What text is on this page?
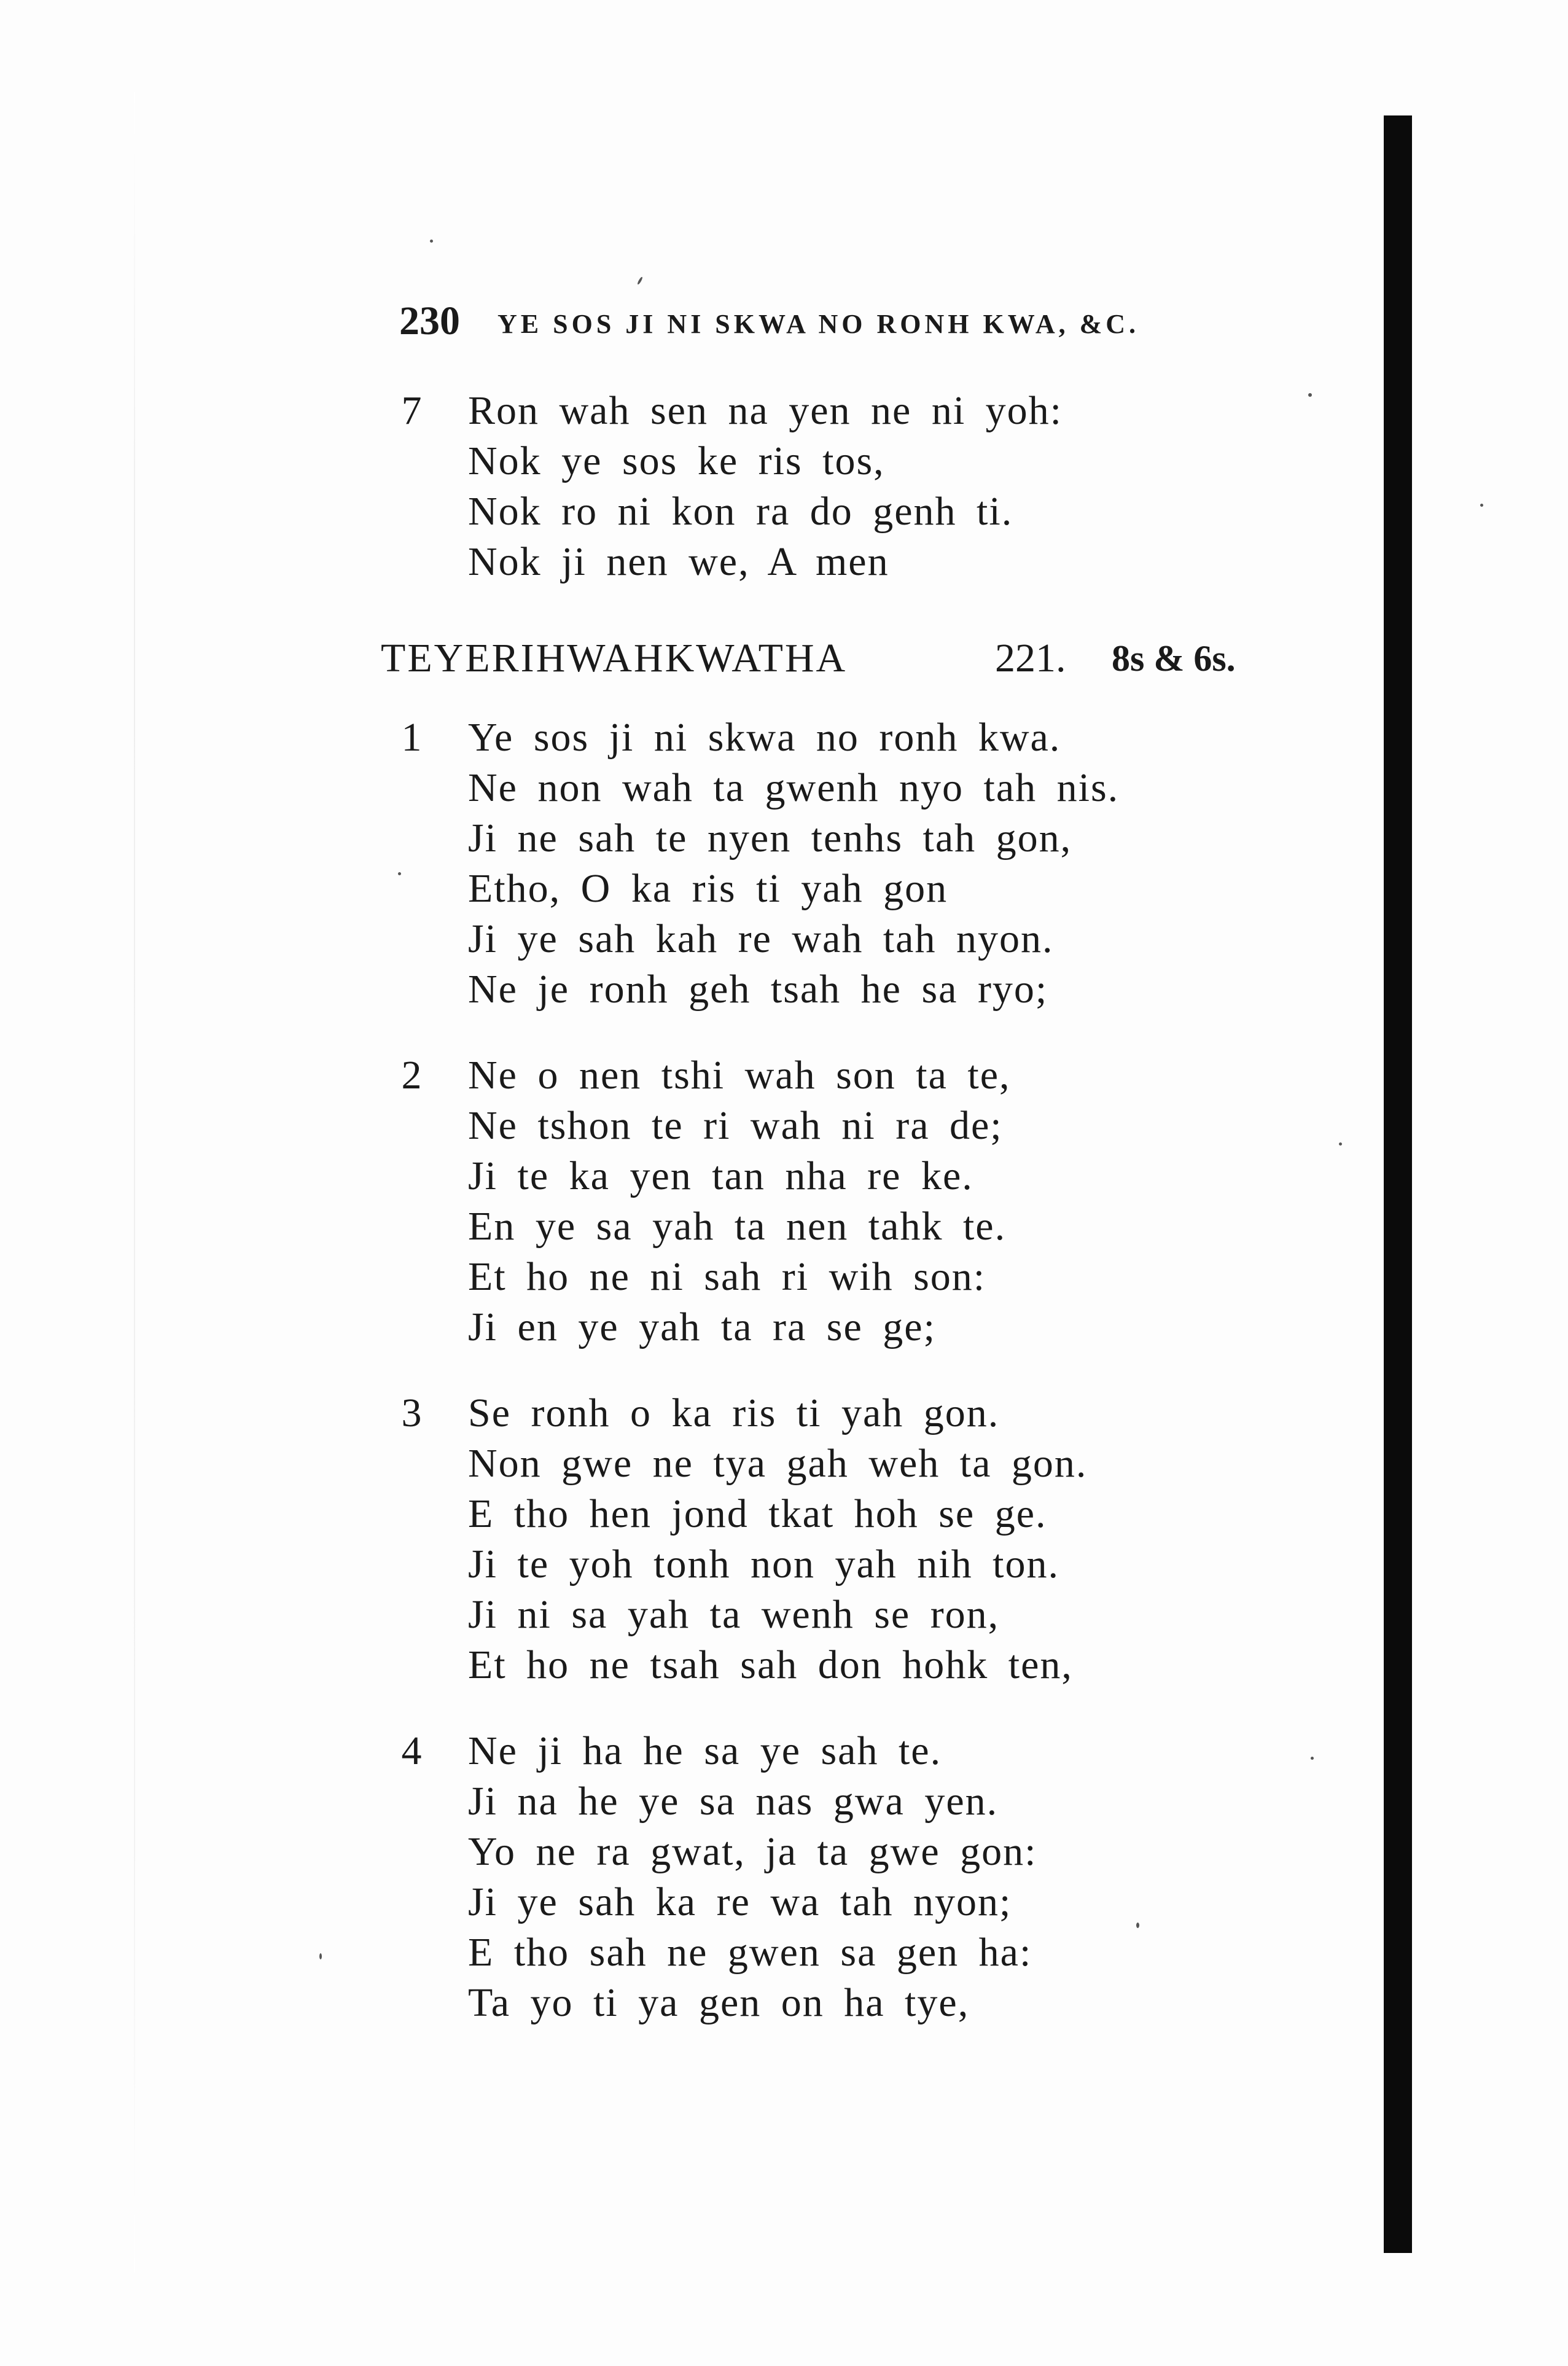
230 YE SOS JI NI SKWA NO RONH KWA, &C.
7 Ron wah sen na yen ne ni yoh:
Nok ye sos ke ris tos,
Nok ro ni kon ra do genh ti.
Nok ji nen we, A men
TEYERIHWAHKWATHA	221. 8s & 6s.
1 Ye sos ji ni skwa no ronh kwa.
Ne non wah ta gwenh nyo tah nis.
Ji ne sah te nyen tenhs tah gon,
Etho, O ka ris ti yah gon
Ji ye sah kah re wah tah nyon.
Ne je ronh geh tsah he sa ryo;
2 Ne o nen tshi wah son ta te,
Ne tshon te ri wah ni ra de;
Ji te ka yen tan nha re ke.
En ye sa yah ta nen tahk te.
Et ho ne ni sah ri wih son:
Ji en ye yah ta ra se ge;
3 Se ronh o ka ris ti yah gon.
Non gwe ne tya gah weh ta gon.
E tho hen jond tkat hoh se ge.
Ji te yoh tonh non yah nih ton.
Ji ni sa yah ta wenh se ron,
Et ho ne tsah sah don hohk ten,
4 Ne ji ha he sa ye sah te.
Ji na he ye sa nas gwa yen.
Yo ne ra gwat, ja ta gwe gon:
Ji ye sah ka re wa tah nyon;
E tho sah ne gwen sa gen ha:
Ta yo ti ya gen on ha tye,
